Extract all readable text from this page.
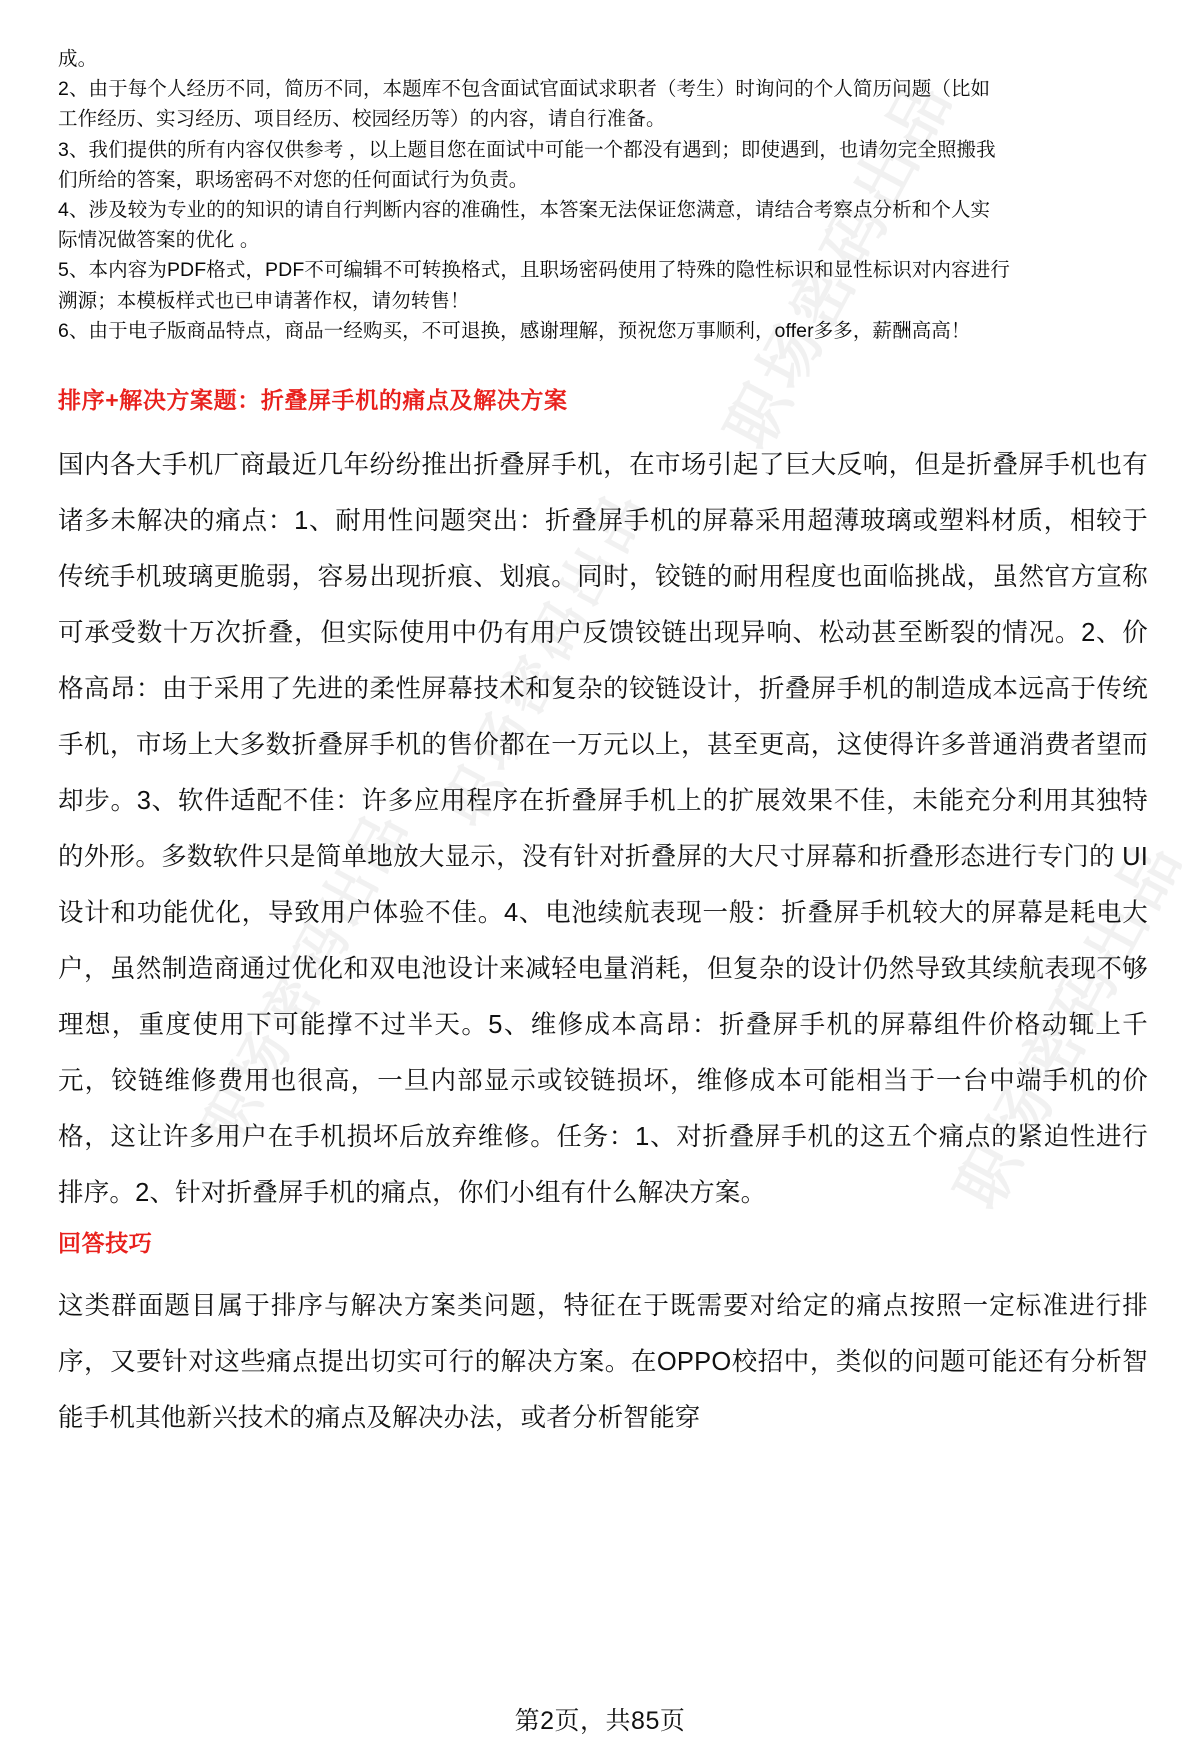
职场密码出品
职场密码出品
职场密码出品	职场密码出品
成。
2、由于每个人经历不同，简历不同，本题库不包含面试官面试求职者（考生）时询问的个人简历问题（比如
工作经历、实习经历、项目经历、校园经历等）的内容，请自行准备。
3、我们提供的所有内容仅供参考 ，以上题目您在面试中可能一个都没有遇到；即使遇到，也请勿完全照搬我
们所给的答案，职场密码不对您的任何面试行为负责。
4、涉及较为专业的的知识的请自行判断内容的准确性，本答案无法保证您满意，请结合考察点分析和个人实
际情况做答案的优化 。
5、本内容为PDF格式，PDF不可编辑不可转换格式，且职场密码使用了特殊的隐性标识和显性标识对内容进行
溯源；本模板样式也已申请著作权，请勿转售！
6、由于电子版商品特点，商品一经购买，不可退换，感谢理解，预祝您万事顺利，offer多多，薪酬高高！
排序+解决方案题：折叠屏手机的痛点及解决方案

国内各大手机厂商最近几年纷纷推出折叠屏手机，在市场引起了巨大反响，但是折叠屏手机也有诸多未解决的痛点：1、耐用性问题突出：折叠屏手机的屏幕采用超薄玻璃或塑料材质，相较于传统手机玻璃更脆弱，容易出现折痕、划痕。同时，铰链的耐用程度也面临挑战，虽然官方宣称可承受数十万次折叠，但实际使用中仍有用户反馈铰链出现异响、松动甚至断裂的情况。2、价格高昂：由于采用了先进的柔性屏幕技术和复杂的铰链设计，折叠屏手机的制造成本远高于传统手机，市场上大多数折叠屏手机的售价都在一万元以上，甚至更高，这使得许多普通消费者望而却步。3、软件适配不佳：许多应用程序在折叠屏手机上的扩展效果不佳，未能充分利用其独特的外形。多数软件只是简单地放大显示，没有针对折叠屏的大尺寸屏幕和折叠形态进行专门的 UI 设计和功能优化，导致用户体验不佳。4、电池续航表现一般：折叠屏手机较大的屏幕是耗电大户，虽然制造商通过优化和双电池设计来减轻电量消耗，但复杂的设计仍然导致其续航表现不够理想，重度使用下可能撑不过半天。5、维修成本高昂：折叠屏手机的屏幕组件价格动辄上千元，铰链维修费用也很高，一旦内部显示或铰链损坏，维修成本可能相当于一台中端手机的价格，这让许多用户在手机损坏后放弃维修。任务：1、对折叠屏手机的这五个痛点的紧迫性进行排序。2、针对折叠屏手机的痛点，你们小组有什么解决方案。

回答技巧

这类群面题目属于排序与解决方案类问题，特征在于既需要对给定的痛点按照一定标准进行排序，又要针对这些痛点提出切实可行的解决方案。在OPPO校招中，类似的问题可能还有分析智能手机其他新兴技术的痛点及解决办法，或者分析智能穿

第2页，共85页
